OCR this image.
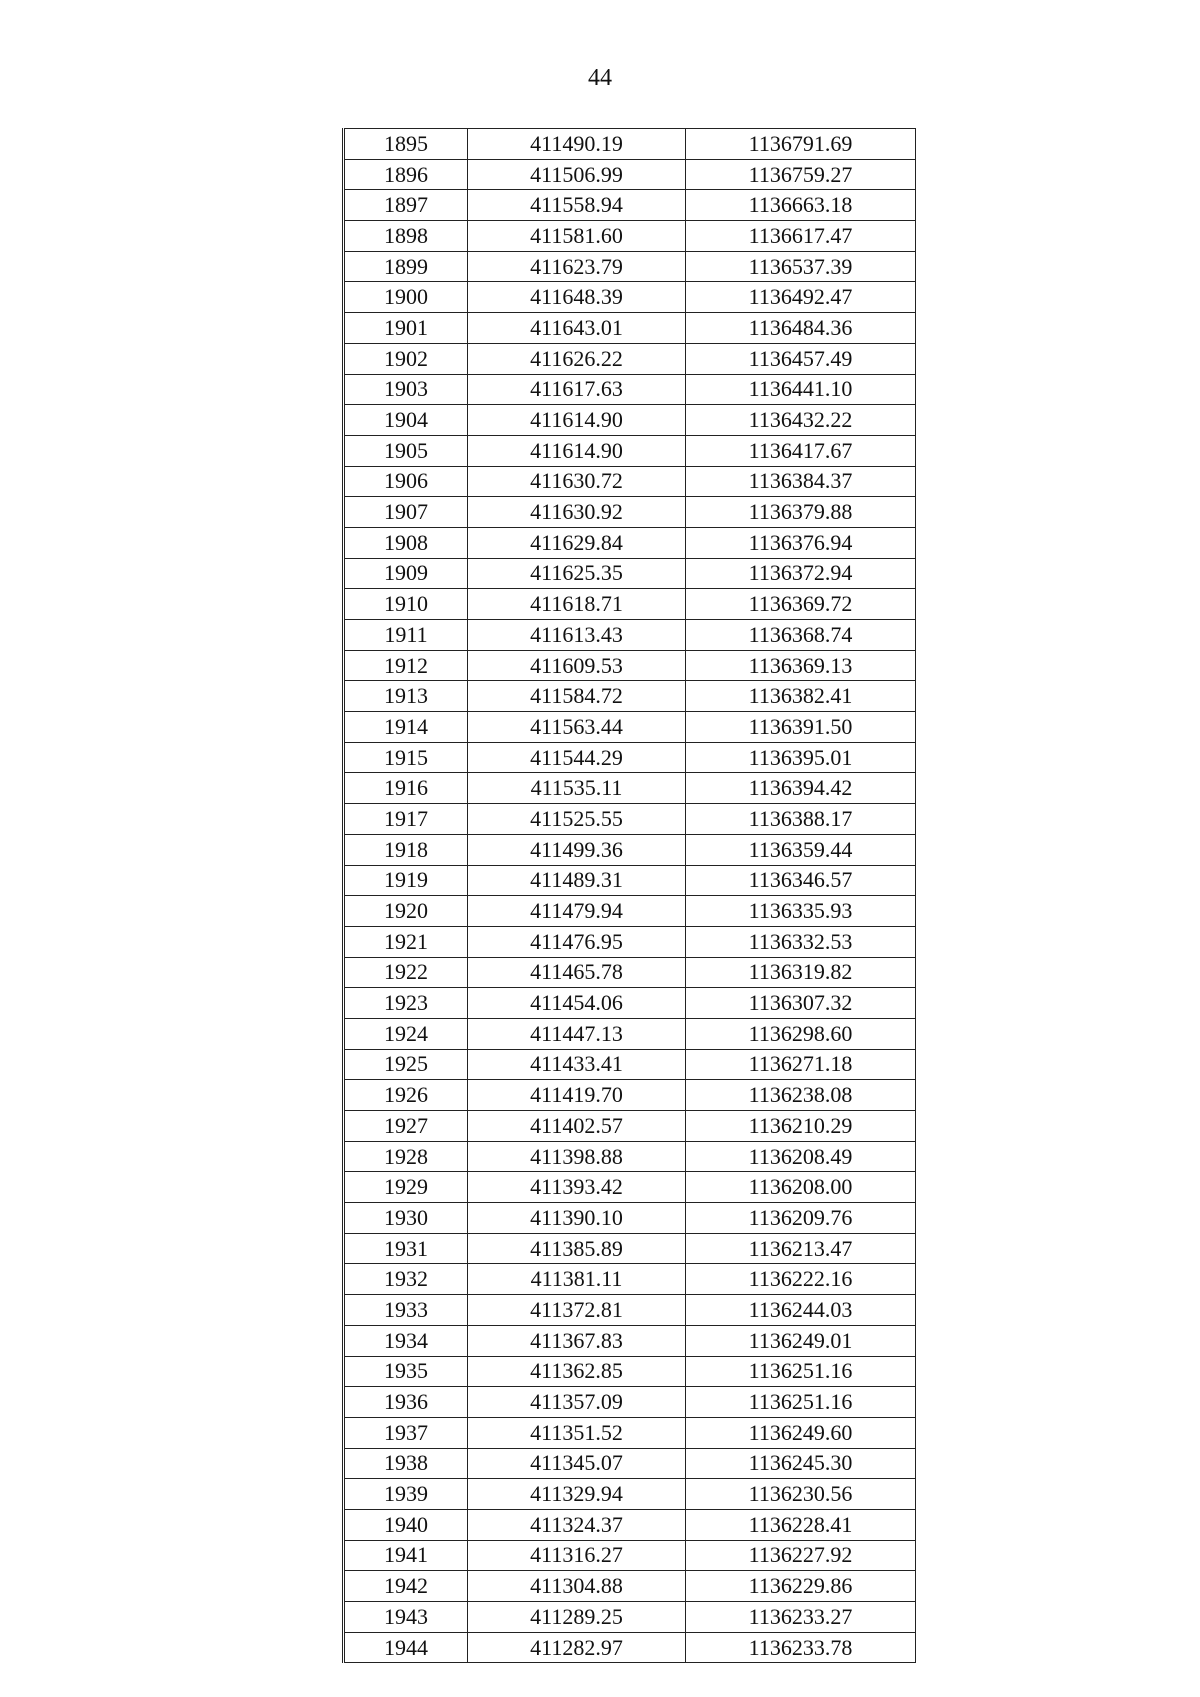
44
1895	411490.19	1136791.69
1896	411506.99	1136759.27
1897	411558.94	1136663.18
1898	411581.60	1136617.47
1899	411623.79	1136537.39
1900	411648.39	1136492.47
1901	411643.01	1136484.36
1902	411626.22	1136457.49
1903	411617.63	1136441.10
1904	411614.90	1136432.22
1905	411614.90	1136417.67
1906	411630.72	1136384.37
1907	411630.92	1136379.88
1908	411629.84	1136376.94
1909	411625.35	1136372.94
1910	411618.71	1136369.72
1911	411613.43	1136368.74
1912	411609.53	1136369.13
1913	411584.72	1136382.41
1914	411563.44	1136391.50
1915	411544.29	1136395.01
1916	411535.11	1136394.42
1917	411525.55	1136388.17
1918	411499.36	1136359.44
1919	411489.31	1136346.57
1920	411479.94	1136335.93
1921	411476.95	1136332.53
1922	411465.78	1136319.82
1923	411454.06	1136307.32
1924	411447.13	1136298.60
1925	411433.41	1136271.18
1926	411419.70	1136238.08
1927	411402.57	1136210.29
1928	411398.88	1136208.49
1929	411393.42	1136208.00
1930	411390.10	1136209.76
1931	411385.89	1136213.47
1932	411381.11	1136222.16
1933	411372.81	1136244.03
1934	411367.83	1136249.01
1935	411362.85	1136251.16
1936	411357.09	1136251.16
1937	411351.52	1136249.60
1938	411345.07	1136245.30
1939	411329.94	1136230.56
1940	411324.37	1136228.41
1941	411316.27	1136227.92
1942	411304.88	1136229.86
1943	411289.25	1136233.27
1944	411282.97	1136233.78
